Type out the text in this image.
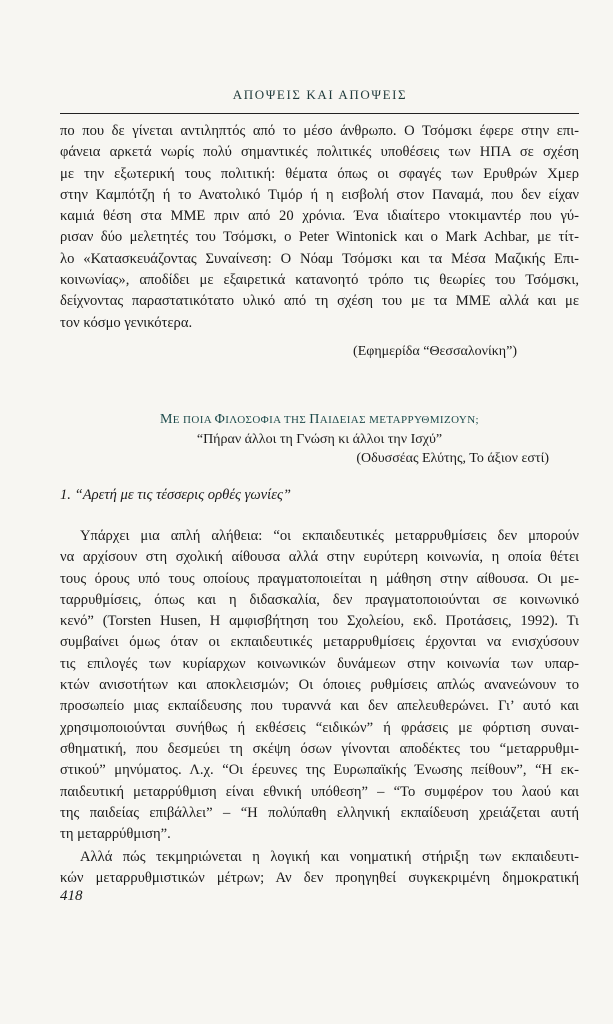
ΑΠΟΨΕΙΣ ΚΑΙ ΑΠΟΨΕΙΣ
πο που δε γίνεται αντιληπτός από το μέσο άνθρωπο. Ο Τσόμσκι έφερε στην επι-
φάνεια αρκετά νωρίς πολύ σημαντικές πολιτικές υποθέσεις των ΗΠΑ σε σχέση
με την εξωτερική τους πολιτική: θέματα όπως οι σφαγές των Ερυθρών Χμερ
στην Καμπότζη ή το Ανατολικό Τιμόρ ή η εισβολή στον Παναμά, που δεν είχαν
καμιά θέση στα ΜΜΕ πριν από 20 χρόνια. Ένα ιδιαίτερο ντοκιμαντέρ που γύ-
ρισαν δύο μελετητές του Τσόμσκι, ο Peter Wintonick και ο Mark Achbar, με τίτ-
λο «Κατασκευάζοντας Συναίνεση: Ο Νόαμ Τσόμσκι και τα Μέσα Μαζικής Επι-
κοινωνίας», αποδίδει με εξαιρετικά κατανοητό τρόπο τις θεωρίες του Τσόμσκι,
δείχνοντας παραστατικότατο υλικό από τη σχέση του με τα ΜΜΕ αλλά και με
τον κόσμο γενικότερα.
(Εφημερίδα “Θεσσαλονίκη”)
ΜΕ ΠΟΙΑ ΦΙΛΟΣΟΦΙΑ ΤΗΣ ΠΑΙΔΕΙΑΣ ΜΕΤΑΡΡΥΘΜΙΖΟΥΝ;
“Πήραν άλλοι τη Γνώση κι άλλοι την Ισχύ”
(Οδυσσέας Ελύτης, Το άξιον εστί)
1. “Αρετή με τις τέσσερις ορθές γωνίες”
Υπάρχει μια απλή αλήθεια: “οι εκπαιδευτικές μεταρρυθμίσεις δεν μπορούν
να αρχίσουν στη σχολική αίθουσα αλλά στην ευρύτερη κοινωνία, η οποία θέτει
τους όρους υπό τους οποίους πραγματοποιείται η μάθηση στην αίθουσα. Οι με-
ταρρυθμίσεις, όπως και η διδασκαλία, δεν πραγματοποιούνται σε κοινωνικό
κενό” (Torsten Husen, Η αμφισβήτηση του Σχολείου, εκδ. Προτάσεις, 1992). Τι
συμβαίνει όμως όταν οι εκπαιδευτικές μεταρρυθμίσεις έρχονται να ενισχύσουν
τις επιλογές των κυρίαρχων κοινωνικών δυνάμεων στην κοινωνία των υπαρ-
κτών ανισοτήτων και αποκλεισμών; Οι όποιες ρυθμίσεις απλώς ανανεώνουν το
προσωπείο μιας εκπαίδευσης που τυραννά και δεν απελευθερώνει. Γι’ αυτό και
χρησιμοποιούνται συνήθως ή εκθέσεις “ειδικών” ή φράσεις με φόρτιση συναι-
σθηματική, που δεσμεύει τη σκέψη όσων γίνονται αποδέκτες του “μεταρρυθμι-
στικού” μηνύματος. Λ.χ. “Οι έρευνες της Ευρωπαϊκής Ένωσης πείθουν”, “Η εκ-
παιδευτική μεταρρύθμιση είναι εθνική υπόθεση” – “Το συμφέρον του λαού και
της παιδείας επιβάλλει” – “Η πολύπαθη ελληνική εκπαίδευση χρειάζεται αυτή
τη μεταρρύθμιση”.
Αλλά πώς τεκμηριώνεται η λογική και νοηματική στήριξη των εκπαιδευτι-
κών μεταρρυθμιστικών μέτρων; Αν δεν προηγηθεί συγκεκριμένη δημοκρατική
418
